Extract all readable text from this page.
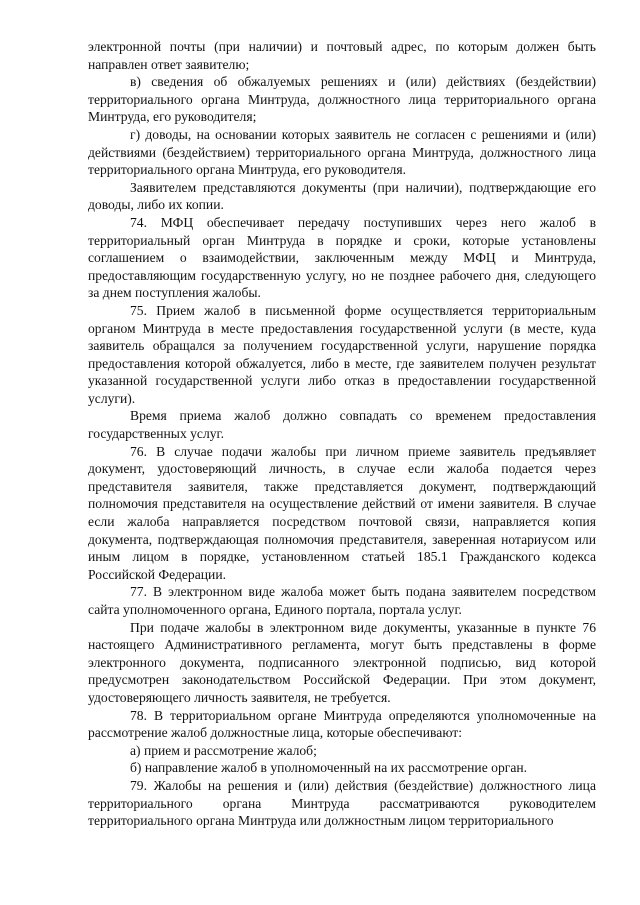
электронной почты (при наличии) и почтовый адрес, по которым должен быть направлен ответ заявителю;

в) сведения об обжалуемых решениях и (или) действиях (бездействии) территориального органа Минтруда, должностного лица территориального органа Минтруда, его руководителя;

г) доводы, на основании которых заявитель не согласен с решениями и (или) действиями (бездействием) территориального органа Минтруда, должностного лица территориального органа Минтруда, его руководителя.

Заявителем представляются документы (при наличии), подтверждающие его доводы, либо их копии.

74. МФЦ обеспечивает передачу поступивших через него жалоб в территориальный орган Минтруда в порядке и сроки, которые установлены соглашением о взаимодействии, заключенным между МФЦ и Минтруда, предоставляющим государственную услугу, но не позднее рабочего дня, следующего за днем поступления жалобы.

75. Прием жалоб в письменной форме осуществляется территориальным органом Минтруда в месте предоставления государственной услуги (в месте, куда заявитель обращался за получением государственной услуги, нарушение порядка предоставления которой обжалуется, либо в месте, где заявителем получен результат указанной государственной услуги либо отказ в предоставлении государственной услуги).

Время приема жалоб должно совпадать со временем предоставления государственных услуг.

76. В случае подачи жалобы при личном приеме заявитель предъявляет документ, удостоверяющий личность, в случае если жалоба подается через представителя заявителя, также представляется документ, подтверждающий полномочия представителя на осуществление действий от имени заявителя. В случае если жалоба направляется посредством почтовой связи, направляется копия документа, подтверждающая полномочия представителя, заверенная нотариусом или иным лицом в порядке, установленном статьей 185.1 Гражданского кодекса Российской Федерации.

77. В электронном виде жалоба может быть подана заявителем посредством сайта уполномоченного органа, Единого портала, портала услуг.

При подаче жалобы в электронном виде документы, указанные в пункте 76 настоящего Административного регламента, могут быть представлены в форме электронного документа, подписанного электронной подписью, вид которой предусмотрен законодательством Российской Федерации. При этом документ, удостоверяющего личность заявителя, не требуется.

78. В территориальном органе Минтруда определяются уполномоченные на рассмотрение жалоб должностные лица, которые обеспечивают:

а) прием и рассмотрение жалоб;

б) направление жалоб в уполномоченный на их рассмотрение орган.

79. Жалобы на решения и (или) действия (бездействие) должностного лица территориального органа Минтруда рассматриваются руководителем территориального органа Минтруда или должностным лицом территориального
